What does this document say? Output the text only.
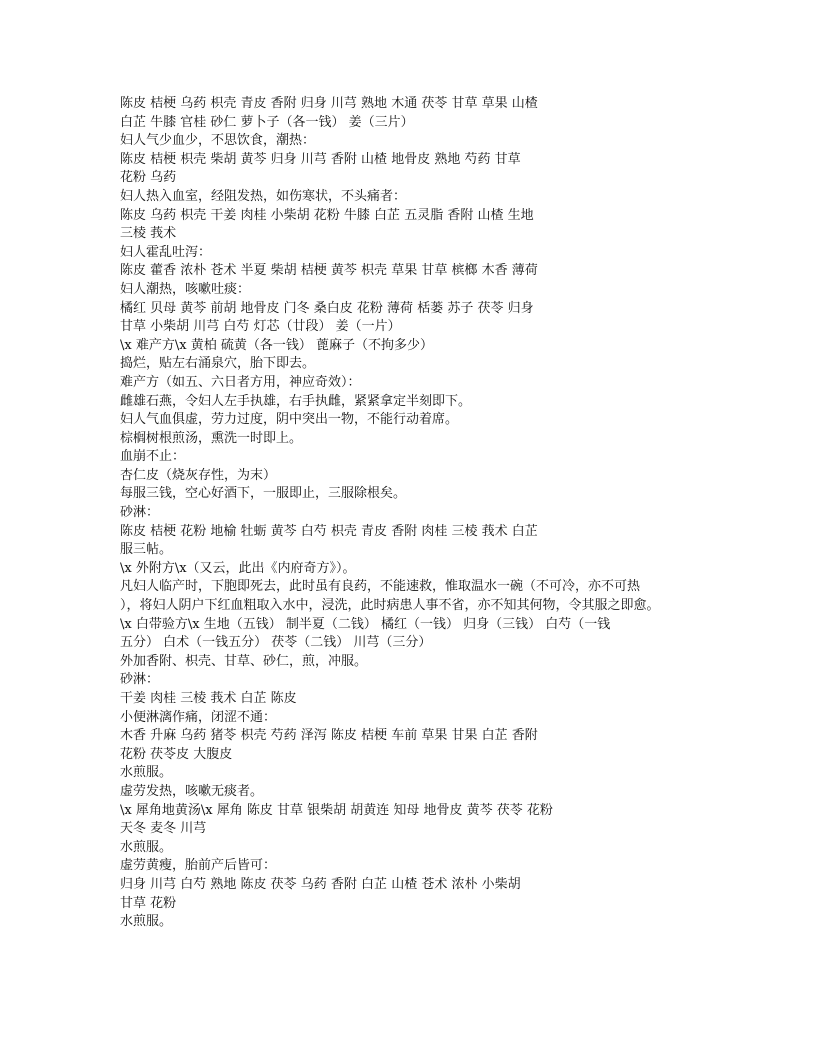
陈皮 桔梗 乌药 枳壳 青皮 香附 归身 川芎 熟地 木通 茯苓 甘草 草果 山楂
白芷 牛膝 官桂 砂仁 萝卜子（各一钱） 姜（三片）
妇人气少血少，不思饮食，潮热：
陈皮 桔梗 枳壳 柴胡 黄芩 归身 川芎 香附 山楂 地骨皮 熟地 芍药 甘草
花粉 乌药
妇人热入血室，经阻发热，如伤寒状，不头痛者：
陈皮 乌药 枳壳 干姜 肉桂 小柴胡 花粉 牛膝 白芷 五灵脂 香附 山楂 生地
三棱 莪术
妇人霍乱吐泻：
陈皮 藿香 浓朴 苍术 半夏 柴胡 桔梗 黄芩 枳壳 草果 甘草 槟榔 木香 薄荷
妇人潮热，咳嗽吐痰：
橘红 贝母 黄芩 前胡 地骨皮 门冬 桑白皮 花粉 薄荷 栝蒌 苏子 茯苓 归身
甘草 小柴胡 川芎 白芍 灯芯（廿段） 姜（一片）
\x 难产方\x 黄柏 硫黄（各一钱） 蓖麻子（不拘多少）
捣烂，贴左右涌泉穴，胎下即去。
难产方（如五、六日者方用，神应奇效）：
雌雄石燕，令妇人左手执雄，右手执雌，紧紧拿定半刻即下。
妇人气血俱虚，劳力过度，阴中突出一物，不能行动着席。
棕榈树根煎汤，熏洗一时即上。
血崩不止：
杏仁皮（烧灰存性，为末）
每服三钱，空心好酒下，一服即止，三服除根矣。
砂淋：
陈皮 桔梗 花粉 地榆 牡蛎 黄芩 白芍 枳壳 青皮 香附 肉桂 三棱 莪术 白芷
服三帖。
\x 外附方\x（又云，此出《内府奇方》）。
凡妇人临产时，下胞即死去，此时虽有良药，不能速救，惟取温水一碗（不可冷，亦不可热
），将妇人阴户下红血粗取入水中，浸洗，此时病患人事不省，亦不知其何物，令其服之即愈。
\x 白带验方\x 生地（五钱） 制半夏（二钱） 橘红（一钱） 归身（三钱） 白芍（一钱
五分） 白术（一钱五分） 茯苓（二钱） 川芎（三分）
外加香附、枳壳、甘草、砂仁，煎，冲服。
砂淋：
干姜 肉桂 三棱 莪术 白芷 陈皮
小便淋漓作痛，闭涩不通：
木香 升麻 乌药 猪苓 枳壳 芍药 泽泻 陈皮 桔梗 车前 草果 甘果 白芷 香附
花粉 茯苓皮 大腹皮
水煎服。
虚劳发热，咳嗽无痰者。
\x 犀角地黄汤\x 犀角 陈皮 甘草 银柴胡 胡黄连 知母 地骨皮 黄芩 茯苓 花粉
天冬 麦冬 川芎
水煎服。
虚劳黄瘦，胎前产后皆可：
归身 川芎 白芍 熟地 陈皮 茯苓 乌药 香附 白芷 山楂 苍术 浓朴 小柴胡
甘草 花粉
水煎服。
